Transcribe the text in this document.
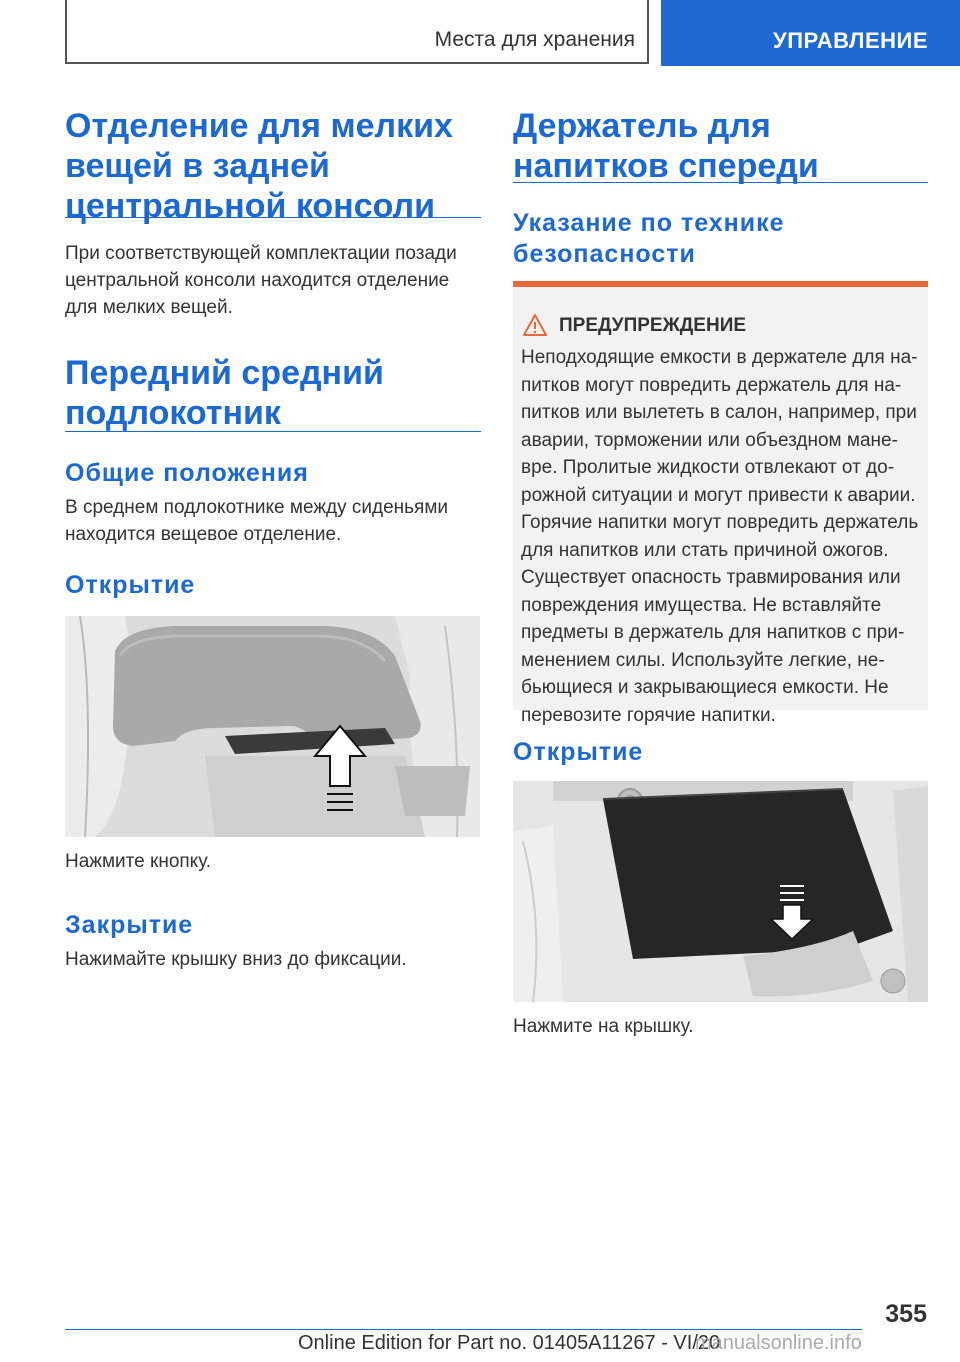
Места для хранения	УПРАВЛЕНИЕ
Отделение для мелких вещей в задней центральной консоли

При соответствующей комплектации позади центральной консоли находится отделение для мелких вещей.

Передний средний подлокотник
Общие положения

В среднем подлокотнике между сиденьями находится вещевое отделение.

Открытие

Нажмите кнопку.

Закрытие

Нажимайте крышку вниз до фиксации.

Держатель для напитков спереди
Указание по технике безопасности
ПРЕДУПРЕЖДЕНИЕ

Неподходящие емкости в держателе для на-питков могут повредить держатель для на-питков или вылететь в салон, например, при аварии, торможении или объездном мане-вре. Пролитые жидкости отвлекают от до-рожной ситуации и могут привести к аварии. Горячие напитки могут повредить держатель для напитков или стать причиной ожогов. Существует опасность травмирования или повреждения имущества. Не вставляйте предметы в держатель для напитков с при-менением силы. Используйте легкие, не-бьющиеся и закрывающиеся емкости. Не перевозите горячие напитки.

Открытие

Нажмите на крышку.

355
Online Edition for Part no. 01405A11267 - VI/20
manualsonline.info
